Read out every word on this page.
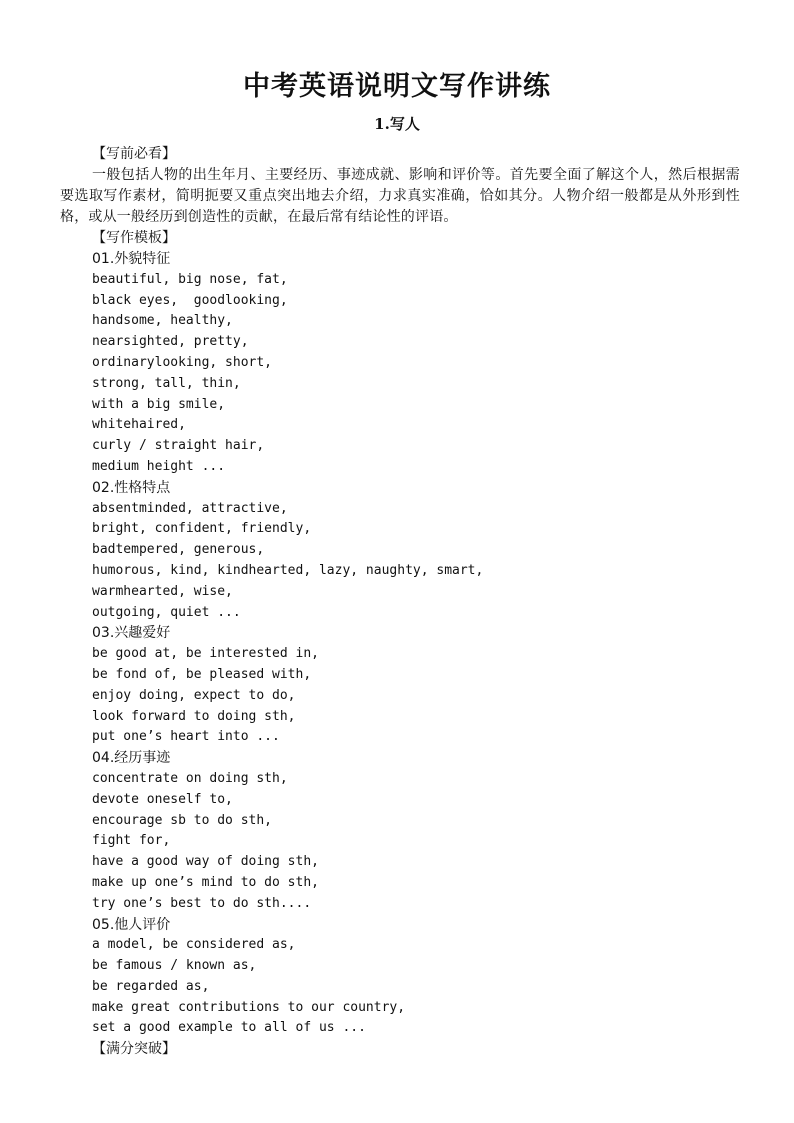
中考英语说明文写作讲练
1.写人
【写前必看】

一般包括人物的出生年月、主要经历、事迹成就、影响和评价等。首先要全面了解这个人，然后根据需要选取写作素材，简明扼要又重点突出地去介绍，力求真实准确，恰如其分。人物介绍一般都是从外形到性格，或从一般经历到创造性的贡献，在最后常有结论性的评语。

【写作模板】
01.外貌特征
beautiful, big nose, fat,
black eyes,  goodlooking,
handsome, healthy,
nearsighted, pretty,
ordinarylooking, short,
strong, tall, thin,
with a big smile,
whitehaired,
curly / straight hair,
medium height ...
02.性格特点
absentminded, attractive,
bright, confident, friendly,
badtempered, generous,
humorous, kind, kindhearted, lazy, naughty, smart,
warmhearted, wise,
outgoing, quiet ...
03.兴趣爱好
be good at, be interested in,
be fond of, be pleased with,
enjoy doing, expect to do,
look forward to doing sth,
put one’s heart into ...
04.经历事迹
concentrate on doing sth,
devote oneself to,
encourage sb to do sth,
fight for,
have a good way of doing sth,
make up one’s mind to do sth,
try one’s best to do sth....
05.他人评价
a model, be considered as,
be famous / known as,
be regarded as,
make great contributions to our country,
set a good example to all of us ...
【满分突破】
